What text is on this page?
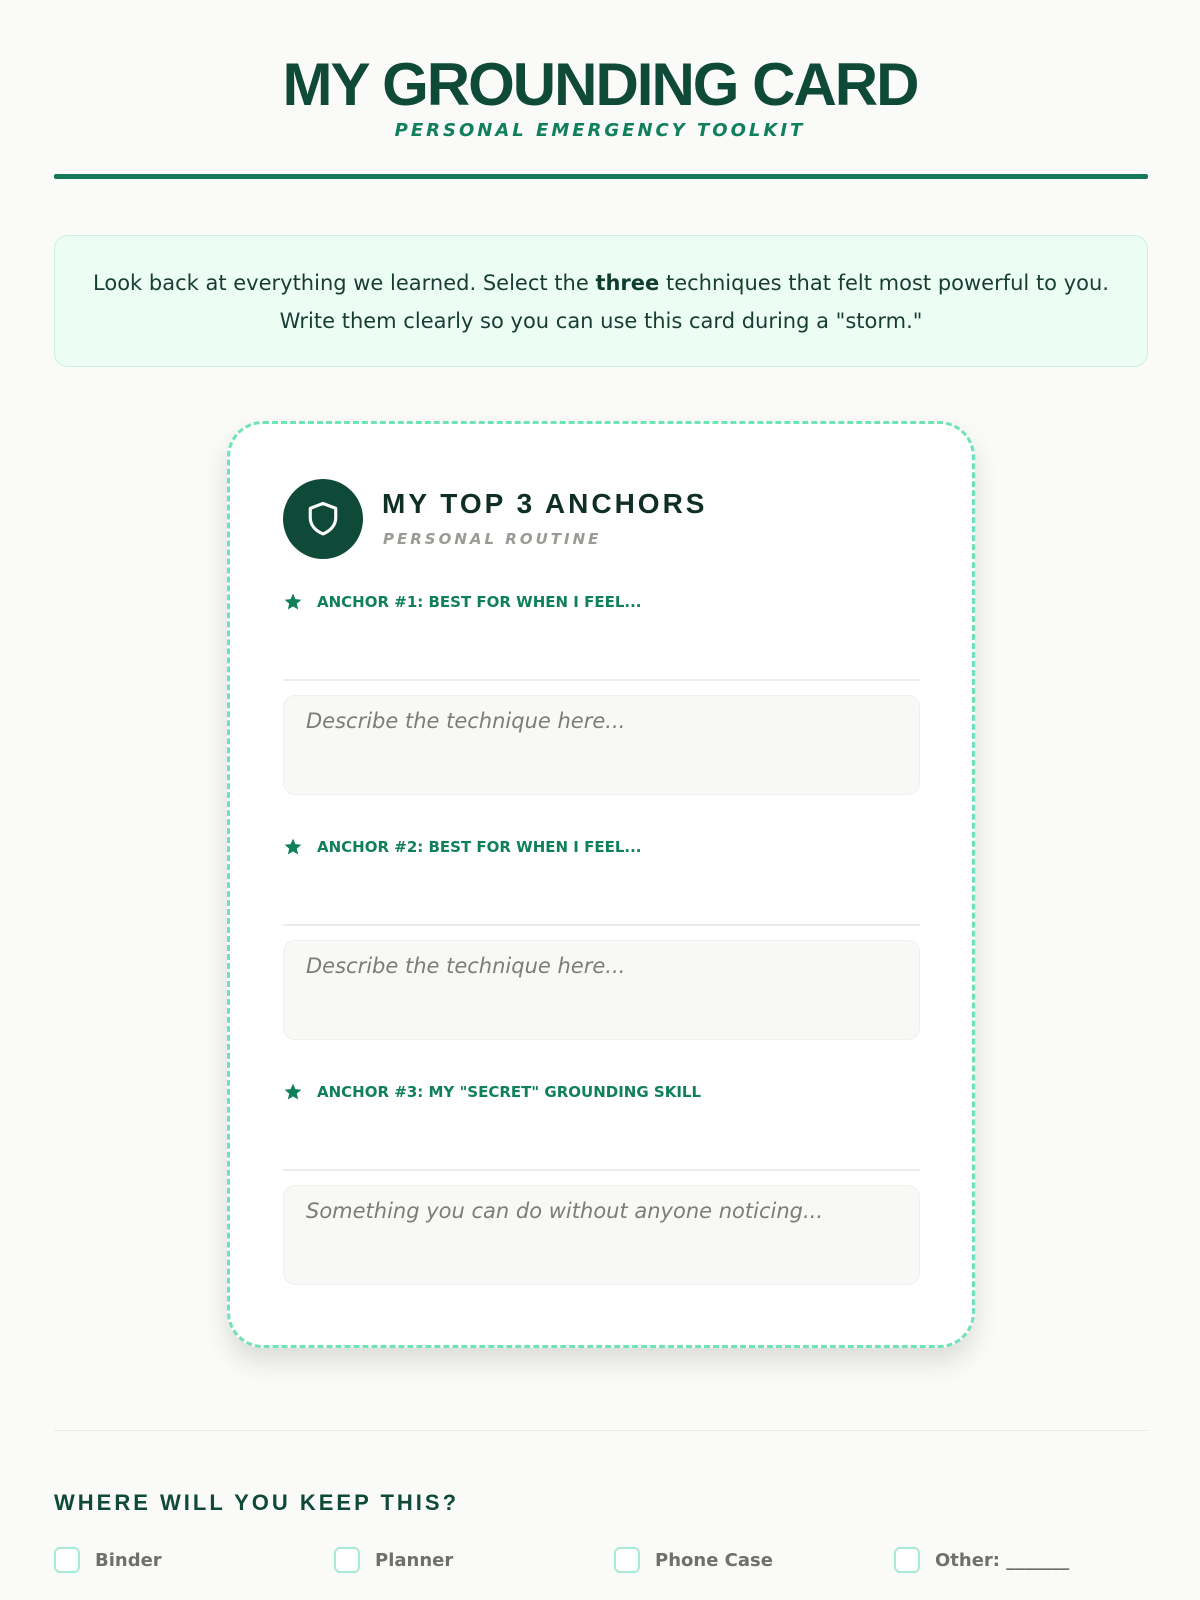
MY GROUNDING CARD
PERSONAL EMERGENCY TOOLKIT
Look back at everything we learned. Select the three techniques that felt most powerful to you.
Write them clearly so you can use this card during a "storm."
MY TOP 3 ANCHORS
PERSONAL ROUTINE
ANCHOR #1: BEST FOR WHEN I FEEL...
Describe the technique here...
ANCHOR #2: BEST FOR WHEN I FEEL...
Describe the technique here...
ANCHOR #3: MY "SECRET" GROUNDING SKILL
Something you can do without anyone noticing...
WHERE WILL YOU KEEP THIS?
Binder	Planner	Phone Case	Other: _______
